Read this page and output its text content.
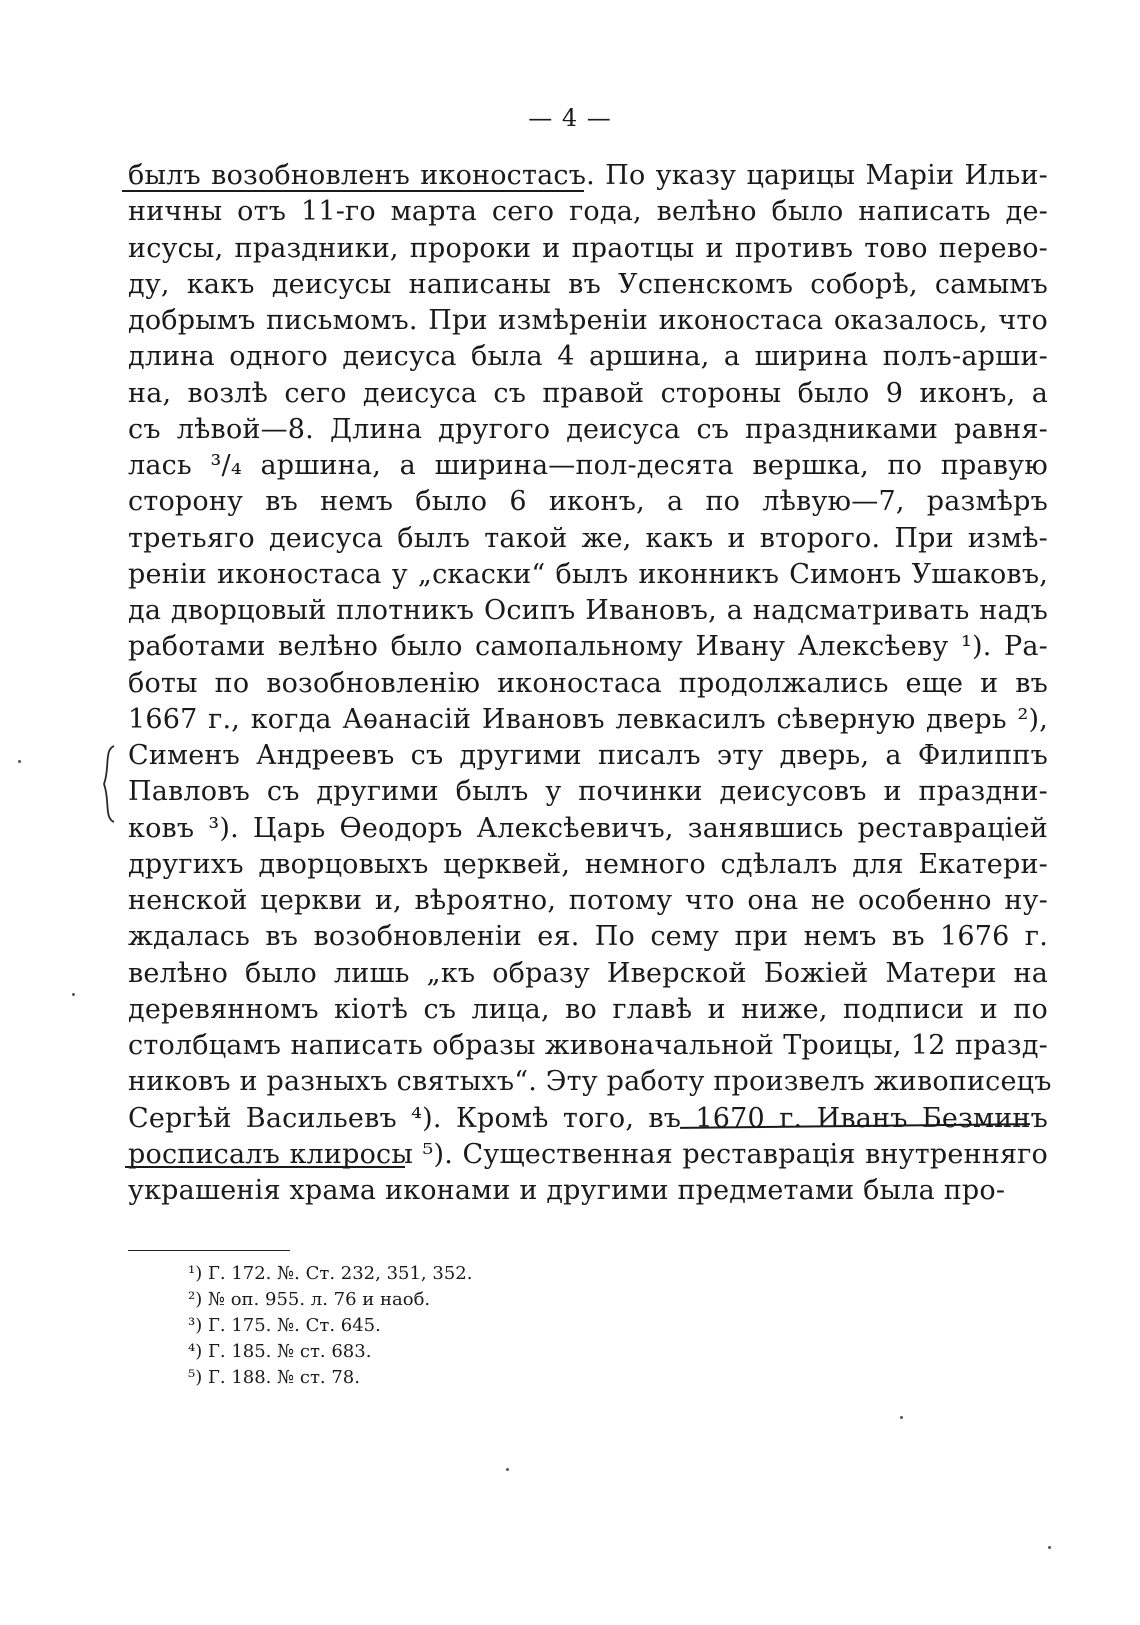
— 4 —
былъ возобновленъ иконостасъ. По указу царицы Маріи Ильи-
ничны отъ 11-го марта сего года, велѣно было написать де-
исусы, праздники, пророки и праотцы и противъ тово перево-
ду, какъ деисусы написаны въ Успенскомъ соборѣ, самымъ
добрымъ письмомъ. При измѣреніи иконостаса оказалось, что
длина одного деисуса была 4 аршина, а ширина полъ-арши-
на, возлѣ сего деисуса съ правой стороны было 9 иконъ, а
съ лѣвой—8. Длина другого деисуса съ праздниками равня-
лась ³/₄ аршина, а ширина—пол-десята вершка, по правую
сторону въ немъ было 6 иконъ, а по лѣвую—7, размѣръ
третьяго деисуса былъ такой же, какъ и второго. При измѣ-
реніи иконостаса у „скаски“ былъ иконникъ Симонъ Ушаковъ,
да дворцовый плотникъ Осипъ Ивановъ, а надсматривать надъ
работами велѣно было самопальному Ивану Алексѣеву ¹). Ра-
боты по возобновленію иконостаса продолжались еще и въ
1667 г., когда Аѳанасій Ивановъ левкасилъ сѣверную дверь ²),
Сименъ Андреевъ съ другими писалъ эту дверь, а Филиппъ
Павловъ съ другими былъ у починки деисусовъ и праздни-
ковъ ³). Царь Ѳеодоръ Алексѣевичъ, занявшись реставраціей
другихъ дворцовыхъ церквей, немного сдѣлалъ для Екатери-
ненской церкви и, вѣроятно, потому что она не особенно ну-
ждалась въ возобновленіи ея. По сему при немъ въ 1676 г.
велѣно было лишь „къ образу Иверской Божіей Матери на
деревянномъ кіотѣ съ лица, во главѣ и ниже, подписи и по
столбцамъ написать образы живоначальной Троицы, 12 празд-
никовъ и разныхъ святыхъ“. Эту работу произвелъ живописецъ
Сергѣй Васильевъ ⁴). Кромѣ того, въ 1670 г. Иванъ Безминъ
росписалъ клиросы ⁵). Существенная реставрація внутренняго
украшенія храма иконами и другими предметами была про-
¹) Г. 172. №. Ст. 232, 351, 352.
²) № оп. 955. л. 76 и наоб.
³) Г. 175. №. Ст. 645.
⁴) Г. 185. № ст. 683.
⁵) Г. 188. № ст. 78.
